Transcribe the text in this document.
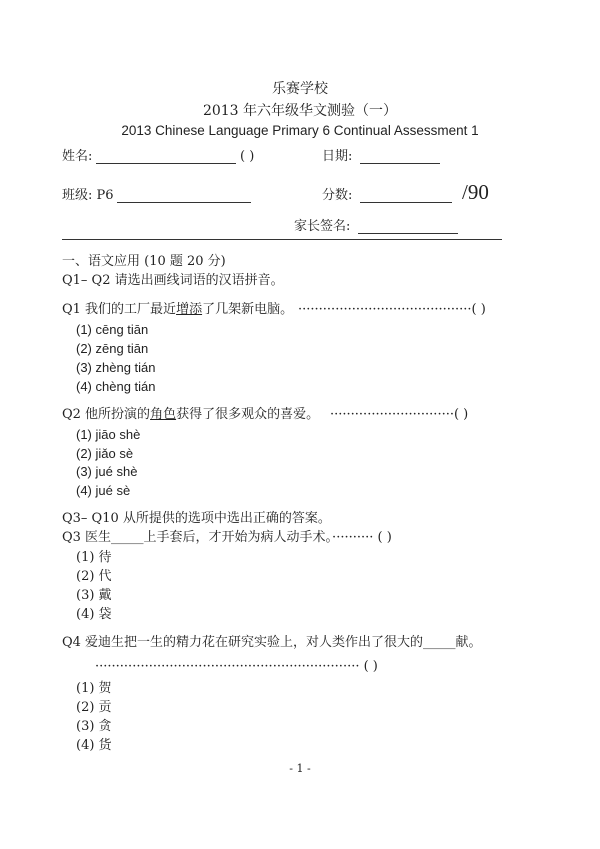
乐赛学校
2013 年六年级华文测验（一）
2013 Chinese Language Primary 6 Continual Assessment 1
姓名:	( )	日期:
班级: P6	分数:	/90
家长签名:
一、语文应用 (10 题 20 分)
Q1– Q2 请选出画线词语的汉语拼音。
Q1 我们的工厂最近增添了几架新电脑。 ··········································( )
(1) cēng tiān
(2) zēng tiān
(3) zhèng tián
(4) chèng tián
Q2 他所扮演的角色获得了很多观众的喜爱。 ······························( )
(1) jiāo shè
(2) jiǎo sè
(3) jué shè
(4) jué sè
Q3– Q10 从所提供的选项中选出正确的答案。
Q3 医生_____上手套后，才开始为病人动手术。·········· ( )
(1) 待
(2) 代
(3) 戴
(4) 袋
Q4 爱迪生把一生的精力花在研究实验上，对人类作出了很大的_____献。
································································ ( )
(1) 贺
(2) 贡
(3) 贪
(4) 货
- 1 -
